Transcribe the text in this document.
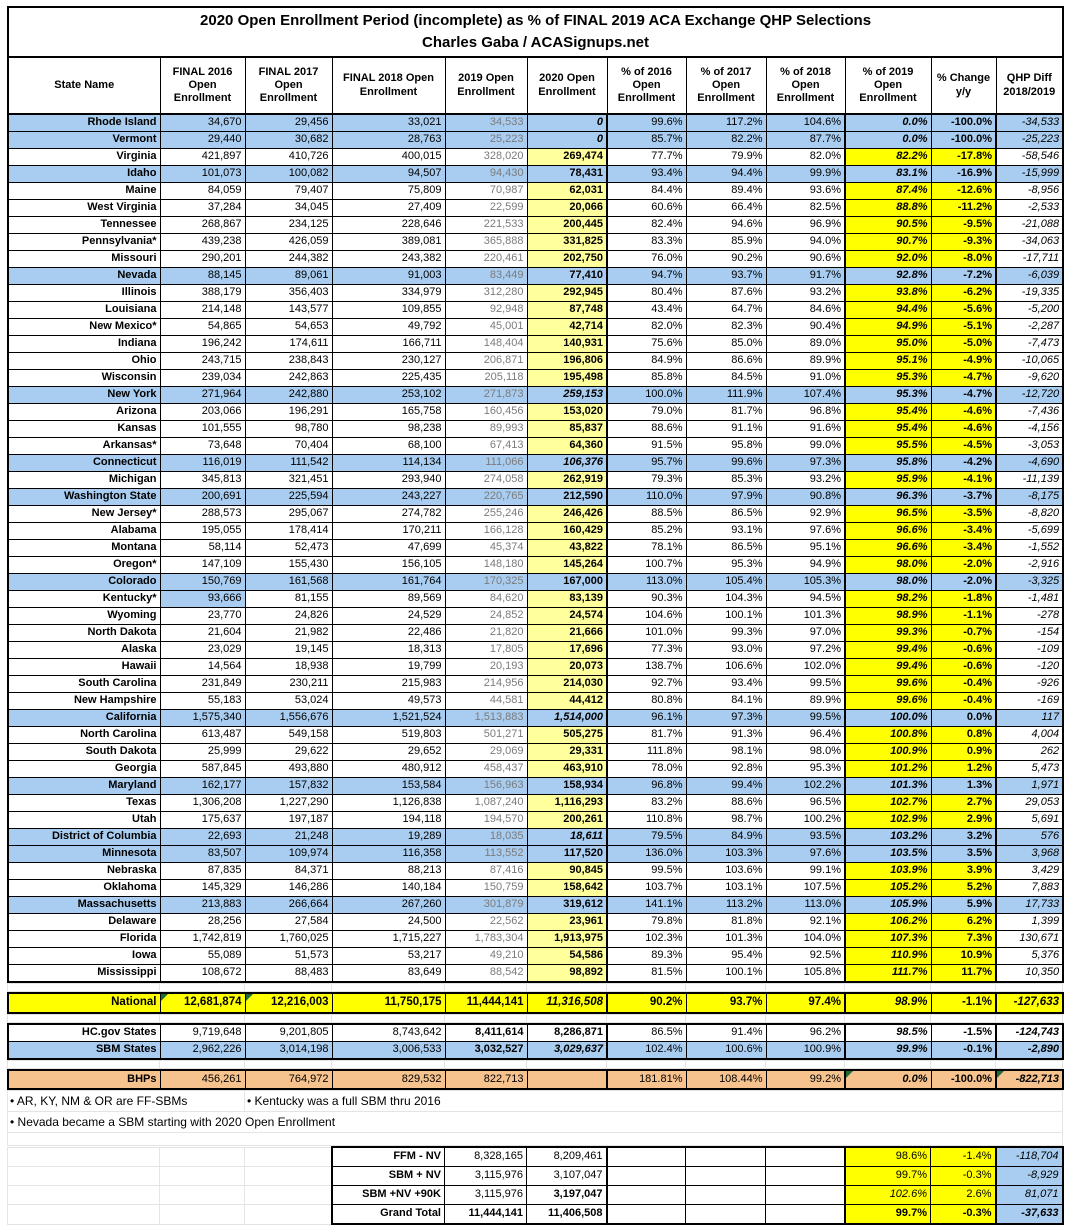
2020 Open Enrollment Period (incomplete) as % of FINAL 2019 ACA Exchange QHP Selections
Charles Gaba / ACASignups.net											
State Name	FINAL 2016 Open Enrollment	FINAL 2017 Open Enrollment	FINAL 2018 Open Enrollment	2019 Open Enrollment	2020 Open Enrollment	% of 2016 Open Enrollment	% of 2017 Open Enrollment	% of 2018 Open Enrollment	% of 2019 Open Enrollment	% Change y/y	QHP Diff 2018/2019
Rhode Island	34,670	29,456	33,021	34,533	0	99.6%	117.2%	104.6%	0.0%	-100.0%	-34,533
Vermont	29,440	30,682	28,763	25,223	0	85.7%	82.2%	87.7%	0.0%	-100.0%	-25,223
Virginia	421,897	410,726	400,015	328,020	269,474	77.7%	79.9%	82.0%	82.2%	-17.8%	-58,546
Idaho	101,073	100,082	94,507	94,430	78,431	93.4%	94.4%	99.9%	83.1%	-16.9%	-15,999
Maine	84,059	79,407	75,809	70,987	62,031	84.4%	89.4%	93.6%	87.4%	-12.6%	-8,956
West Virginia	37,284	34,045	27,409	22,599	20,066	60.6%	66.4%	82.5%	88.8%	-11.2%	-2,533
Tennessee	268,867	234,125	228,646	221,533	200,445	82.4%	94.6%	96.9%	90.5%	-9.5%	-21,088
Pennsylvania*	439,238	426,059	389,081	365,888	331,825	83.3%	85.9%	94.0%	90.7%	-9.3%	-34,063
Missouri	290,201	244,382	243,382	220,461	202,750	76.0%	90.2%	90.6%	92.0%	-8.0%	-17,711
Nevada	88,145	89,061	91,003	83,449	77,410	94.7%	93.7%	91.7%	92.8%	-7.2%	-6,039
Illinois	388,179	356,403	334,979	312,280	292,945	80.4%	87.6%	93.2%	93.8%	-6.2%	-19,335
Louisiana	214,148	143,577	109,855	92,948	87,748	43.4%	64.7%	84.6%	94.4%	-5.6%	-5,200
New Mexico*	54,865	54,653	49,792	45,001	42,714	82.0%	82.3%	90.4%	94.9%	-5.1%	-2,287
Indiana	196,242	174,611	166,711	148,404	140,931	75.6%	85.0%	89.0%	95.0%	-5.0%	-7,473
Ohio	243,715	238,843	230,127	206,871	196,806	84.9%	86.6%	89.9%	95.1%	-4.9%	-10,065
Wisconsin	239,034	242,863	225,435	205,118	195,498	85.8%	84.5%	91.0%	95.3%	-4.7%	-9,620
New York	271,964	242,880	253,102	271,873	259,153	100.0%	111.9%	107.4%	95.3%	-4.7%	-12,720
Arizona	203,066	196,291	165,758	160,456	153,020	79.0%	81.7%	96.8%	95.4%	-4.6%	-7,436
Kansas	101,555	98,780	98,238	89,993	85,837	88.6%	91.1%	91.6%	95.4%	-4.6%	-4,156
Arkansas*	73,648	70,404	68,100	67,413	64,360	91.5%	95.8%	99.0%	95.5%	-4.5%	-3,053
Connecticut	116,019	111,542	114,134	111,066	106,376	95.7%	99.6%	97.3%	95.8%	-4.2%	-4,690
Michigan	345,813	321,451	293,940	274,058	262,919	79.3%	85.3%	93.2%	95.9%	-4.1%	-11,139
Washington State	200,691	225,594	243,227	220,765	212,590	110.0%	97.9%	90.8%	96.3%	-3.7%	-8,175
New Jersey*	288,573	295,067	274,782	255,246	246,426	88.5%	86.5%	92.9%	96.5%	-3.5%	-8,820
Alabama	195,055	178,414	170,211	166,128	160,429	85.2%	93.1%	97.6%	96.6%	-3.4%	-5,699
Montana	58,114	52,473	47,699	45,374	43,822	78.1%	86.5%	95.1%	96.6%	-3.4%	-1,552
Oregon*	147,109	155,430	156,105	148,180	145,264	100.7%	95.3%	94.9%	98.0%	-2.0%	-2,916
Colorado	150,769	161,568	161,764	170,325	167,000	113.0%	105.4%	105.3%	98.0%	-2.0%	-3,325
Kentucky*	93,666	81,155	89,569	84,620	83,139	90.3%	104.3%	94.5%	98.2%	-1.8%	-1,481
Wyoming	23,770	24,826	24,529	24,852	24,574	104.6%	100.1%	101.3%	98.9%	-1.1%	-278
North Dakota	21,604	21,982	22,486	21,820	21,666	101.0%	99.3%	97.0%	99.3%	-0.7%	-154
Alaska	23,029	19,145	18,313	17,805	17,696	77.3%	93.0%	97.2%	99.4%	-0.6%	-109
Hawaii	14,564	18,938	19,799	20,193	20,073	138.7%	106.6%	102.0%	99.4%	-0.6%	-120
South Carolina	231,849	230,211	215,983	214,956	214,030	92.7%	93.4%	99.5%	99.6%	-0.4%	-926
New Hampshire	55,183	53,024	49,573	44,581	44,412	80.8%	84.1%	89.9%	99.6%	-0.4%	-169
California	1,575,340	1,556,676	1,521,524	1,513,883	1,514,000	96.1%	97.3%	99.5%	100.0%	0.0%	117
North Carolina	613,487	549,158	519,803	501,271	505,275	81.7%	91.3%	96.4%	100.8%	0.8%	4,004
South Dakota	25,999	29,622	29,652	29,069	29,331	111.8%	98.1%	98.0%	100.9%	0.9%	262
Georgia	587,845	493,880	480,912	458,437	463,910	78.0%	92.8%	95.3%	101.2%	1.2%	5,473
Maryland	162,177	157,832	153,584	156,963	158,934	96.8%	99.4%	102.2%	101.3%	1.3%	1,971
Texas	1,306,208	1,227,290	1,126,838	1,087,240	1,116,293	83.2%	88.6%	96.5%	102.7%	2.7%	29,053
Utah	175,637	197,187	194,118	194,570	200,261	110.8%	98.7%	100.2%	102.9%	2.9%	5,691
District of Columbia	22,693	21,248	19,289	18,035	18,611	79.5%	84.9%	93.5%	103.2%	3.2%	576
Minnesota	83,507	109,974	116,358	113,552	117,520	136.0%	103.3%	97.6%	103.5%	3.5%	3,968
Nebraska	87,835	84,371	88,213	87,416	90,845	99.5%	103.6%	99.1%	103.9%	3.9%	3,429
Oklahoma	145,329	146,286	140,184	150,759	158,642	103.7%	103.1%	107.5%	105.2%	5.2%	7,883
Massachusetts	213,883	266,664	267,260	301,879	319,612	141.1%	113.2%	113.0%	105.9%	5.9%	17,733
Delaware	28,256	27,584	24,500	22,562	23,961	79.8%	81.8%	92.1%	106.2%	6.2%	1,399
Florida	1,742,819	1,760,025	1,715,227	1,783,304	1,913,975	102.3%	101.3%	104.0%	107.3%	7.3%	130,671
Iowa	55,089	51,573	53,217	49,210	54,586	89.3%	95.4%	92.5%	110.9%	10.9%	5,376
Mississippi	108,672	88,483	83,649	88,542	98,892	81.5%	100.1%	105.8%	111.7%	11.7%	10,350

National	12,681,874	12,216,003	11,750,175	11,444,141	11,316,508	90.2%	93.7%	97.4%	98.9%	-1.1%	-127,633

HC.gov States	9,719,648	9,201,805	8,743,642	8,411,614	8,286,871	86.5%	91.4%	96.2%	98.5%	-1.5%	-124,743
SBM States	2,962,226	3,014,198	3,006,533	3,032,527	3,029,637	102.4%	100.6%	100.9%	99.9%	-0.1%	-2,890

BHPs	456,261	764,972	829,532	822,713		181.81%	108.44%	99.2%	0.0%	-100.0%	-822,713
• AR, KY, NM & OR are FF-SBMs	• Kentucky was a full SBM thru 2016
• Nevada became a SBM starting with 2020 Open Enrollment

			FFM - NV	8,328,165	8,209,461				98.6%	-1.4%	-118,704
			SBM + NV	3,115,976	3,107,047				99.7%	-0.3%	-8,929
			SBM +NV +90K	3,115,976	3,197,047				102.6%	2.6%	81,071
			Grand Total	11,444,141	11,406,508				99.7%	-0.3%	-37,633
